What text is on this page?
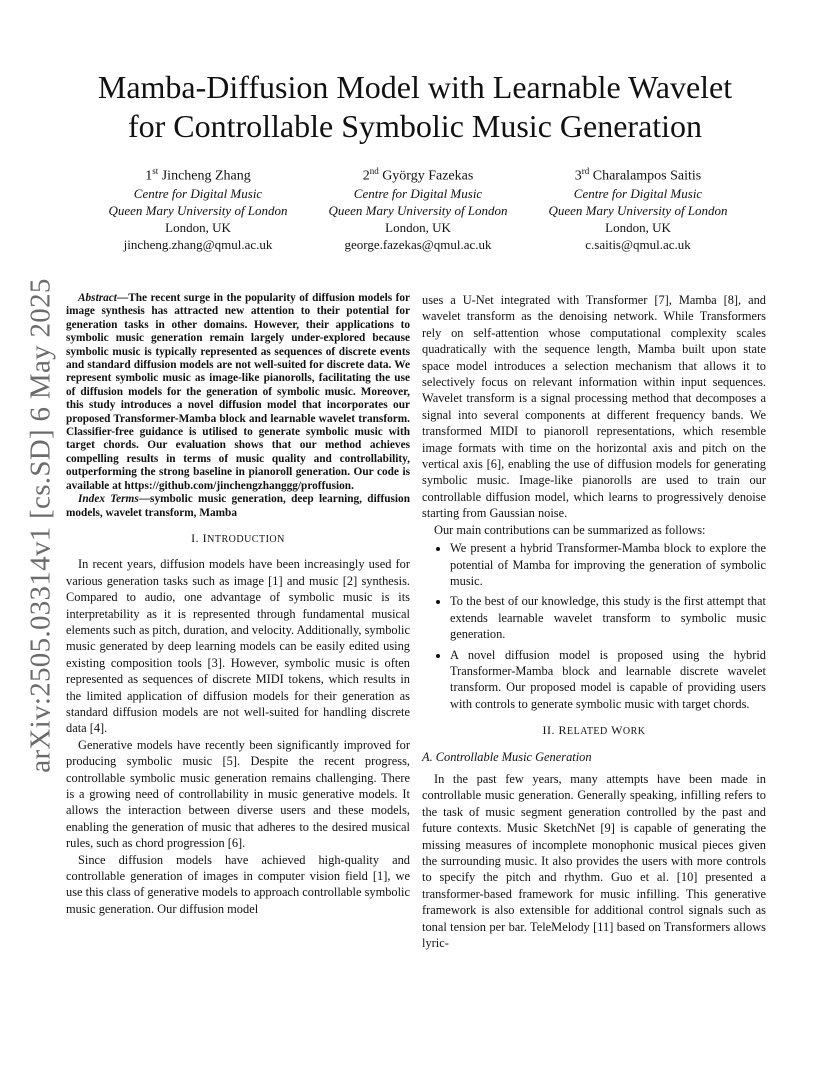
arXiv:2505.03314v1 [cs.SD] 6 May 2025
Mamba-Diffusion Model with Learnable Wavelet
for Controllable Symbolic Music Generation
1st Jincheng Zhang
Centre for Digital Music
Queen Mary University of London
London, UK
jincheng.zhang@qmul.ac.uk
2nd György Fazekas
Centre for Digital Music
Queen Mary University of London
London, UK
george.fazekas@qmul.ac.uk
3rd Charalampos Saitis
Centre for Digital Music
Queen Mary University of London
London, UK
c.saitis@qmul.ac.uk

Abstract—The recent surge in the popularity of diffusion models for image synthesis has attracted new attention to their potential for generation tasks in other domains. However, their applications to symbolic music generation remain largely under-explored because symbolic music is typically represented as sequences of discrete events and standard diffusion models are not well-suited for discrete data. We represent symbolic music as image-like pianorolls, facilitating the use of diffusion models for the generation of symbolic music. Moreover, this study introduces a novel diffusion model that incorporates our proposed Transformer-Mamba block and learnable wavelet transform. Classifier-free guidance is utilised to generate symbolic music with target chords. Our evaluation shows that our method achieves compelling results in terms of music quality and controllability, outperforming the strong baseline in pianoroll generation. Our code is available at https://github.com/jinchengzhanggg/proffusion.

Index Terms—symbolic music generation, deep learning, diffusion models, wavelet transform, Mamba

I. INTRODUCTION

In recent years, diffusion models have been increasingly used for various generation tasks such as image [1] and music [2] synthesis. Compared to audio, one advantage of symbolic music is its interpretability as it is represented through fundamental musical elements such as pitch, duration, and velocity. Additionally, symbolic music generated by deep learning models can be easily edited using existing composition tools [3]. However, symbolic music is often represented as sequences of discrete MIDI tokens, which results in the limited application of diffusion models for their generation as standard diffusion models are not well-suited for handling discrete data [4].

Generative models have recently been significantly improved for producing symbolic music [5]. Despite the recent progress, controllable symbolic music generation remains challenging. There is a growing need of controllability in music generative models. It allows the interaction between diverse users and these models, enabling the generation of music that adheres to the desired musical rules, such as chord progression [6].

Since diffusion models have achieved high-quality and controllable generation of images in computer vision field [1], we use this class of generative models to approach controllable symbolic music generation. Our diffusion model

uses a U-Net integrated with Transformer [7], Mamba [8], and wavelet transform as the denoising network. While Transformers rely on self-attention whose computational complexity scales quadratically with the sequence length, Mamba built upon state space model introduces a selection mechanism that allows it to selectively focus on relevant information within input sequences. Wavelet transform is a signal processing method that decomposes a signal into several components at different frequency bands. We transformed MIDI to pianoroll representations, which resemble image formats with time on the horizontal axis and pitch on the vertical axis [6], enabling the use of diffusion models for generating symbolic music. Image-like pianorolls are used to train our controllable diffusion model, which learns to progressively denoise starting from Gaussian noise.

Our main contributions can be summarized as follows:

• We present a hybrid Transformer-Mamba block to explore the potential of Mamba for improving the generation of symbolic music.
• To the best of our knowledge, this study is the first attempt that extends learnable wavelet transform to symbolic music generation.
• A novel diffusion model is proposed using the hybrid Transformer-Mamba block and learnable discrete wavelet transform. Our proposed model is capable of providing users with controls to generate symbolic music with target chords.
II. RELATED WORK
A. Controllable Music Generation

In the past few years, many attempts have been made in controllable music generation. Generally speaking, infilling refers to the task of music segment generation controlled by the past and future contexts. Music SketchNet [9] is capable of generating the missing measures of incomplete monophonic musical pieces given the surrounding music. It also provides the users with more controls to specify the pitch and rhythm. Guo et al. [10] presented a transformer-based framework for music infilling. This generative framework is also extensible for additional control signals such as tonal tension per bar. TeleMelody [11] based on Transformers allows lyric-
